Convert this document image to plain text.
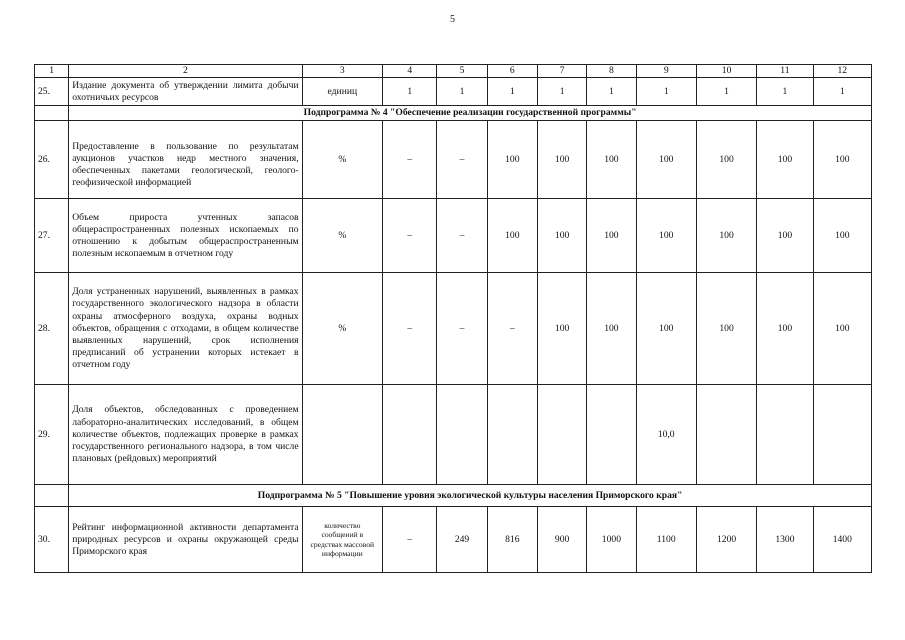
5
1	2	3	4	5	6	7	8	9	10	11	12
25.	Издание документа об утверждении лимита добычи охотничьих ресурсов	единиц	1	1	1	1	1	1	1	1	1
	Подпрограмма № 4 "Обеспечение реализации государственной программы"										
26.	Предоставление в пользование по результатам аукционов участков недр местного значения, обеспеченных пакетами геологической, геолого-геофизической информацией	%	–	–	100	100	100	100	100	100	100
27.	Объем прироста учтенных запасов общераспространенных полезных ископаемых по отношению к добытым общераспространенным полезным ископаемым в отчетном году	%	–	–	100	100	100	100	100	100	100
28.	Доля устраненных нарушений, выявленных в рамках государственного экологического надзора в области охраны атмосферного воздуха, охраны водных объектов, обращения с отходами, в общем количестве выявленных нарушений, срок исполнения предписаний об устранении которых истекает в отчетном году	%	–	–	–	100	100	100	100	100	100
29.	Доля объектов, обследованных с проведением лабораторно-аналитических исследований, в общем количестве объектов, подлежащих проверке в рамках государственного регионального надзора, в том числе плановых (рейдовых) мероприятий							10,0			
	Подпрограмма № 5 "Повышение уровня экологической культуры населения Приморского края"										
30.	Рейтинг информационной активности департамента природных ресурсов и охраны окружающей среды Приморского края	количество сообщений в средствах массовой информации	–	249	816	900	1000	1100	1200	1300	1400
